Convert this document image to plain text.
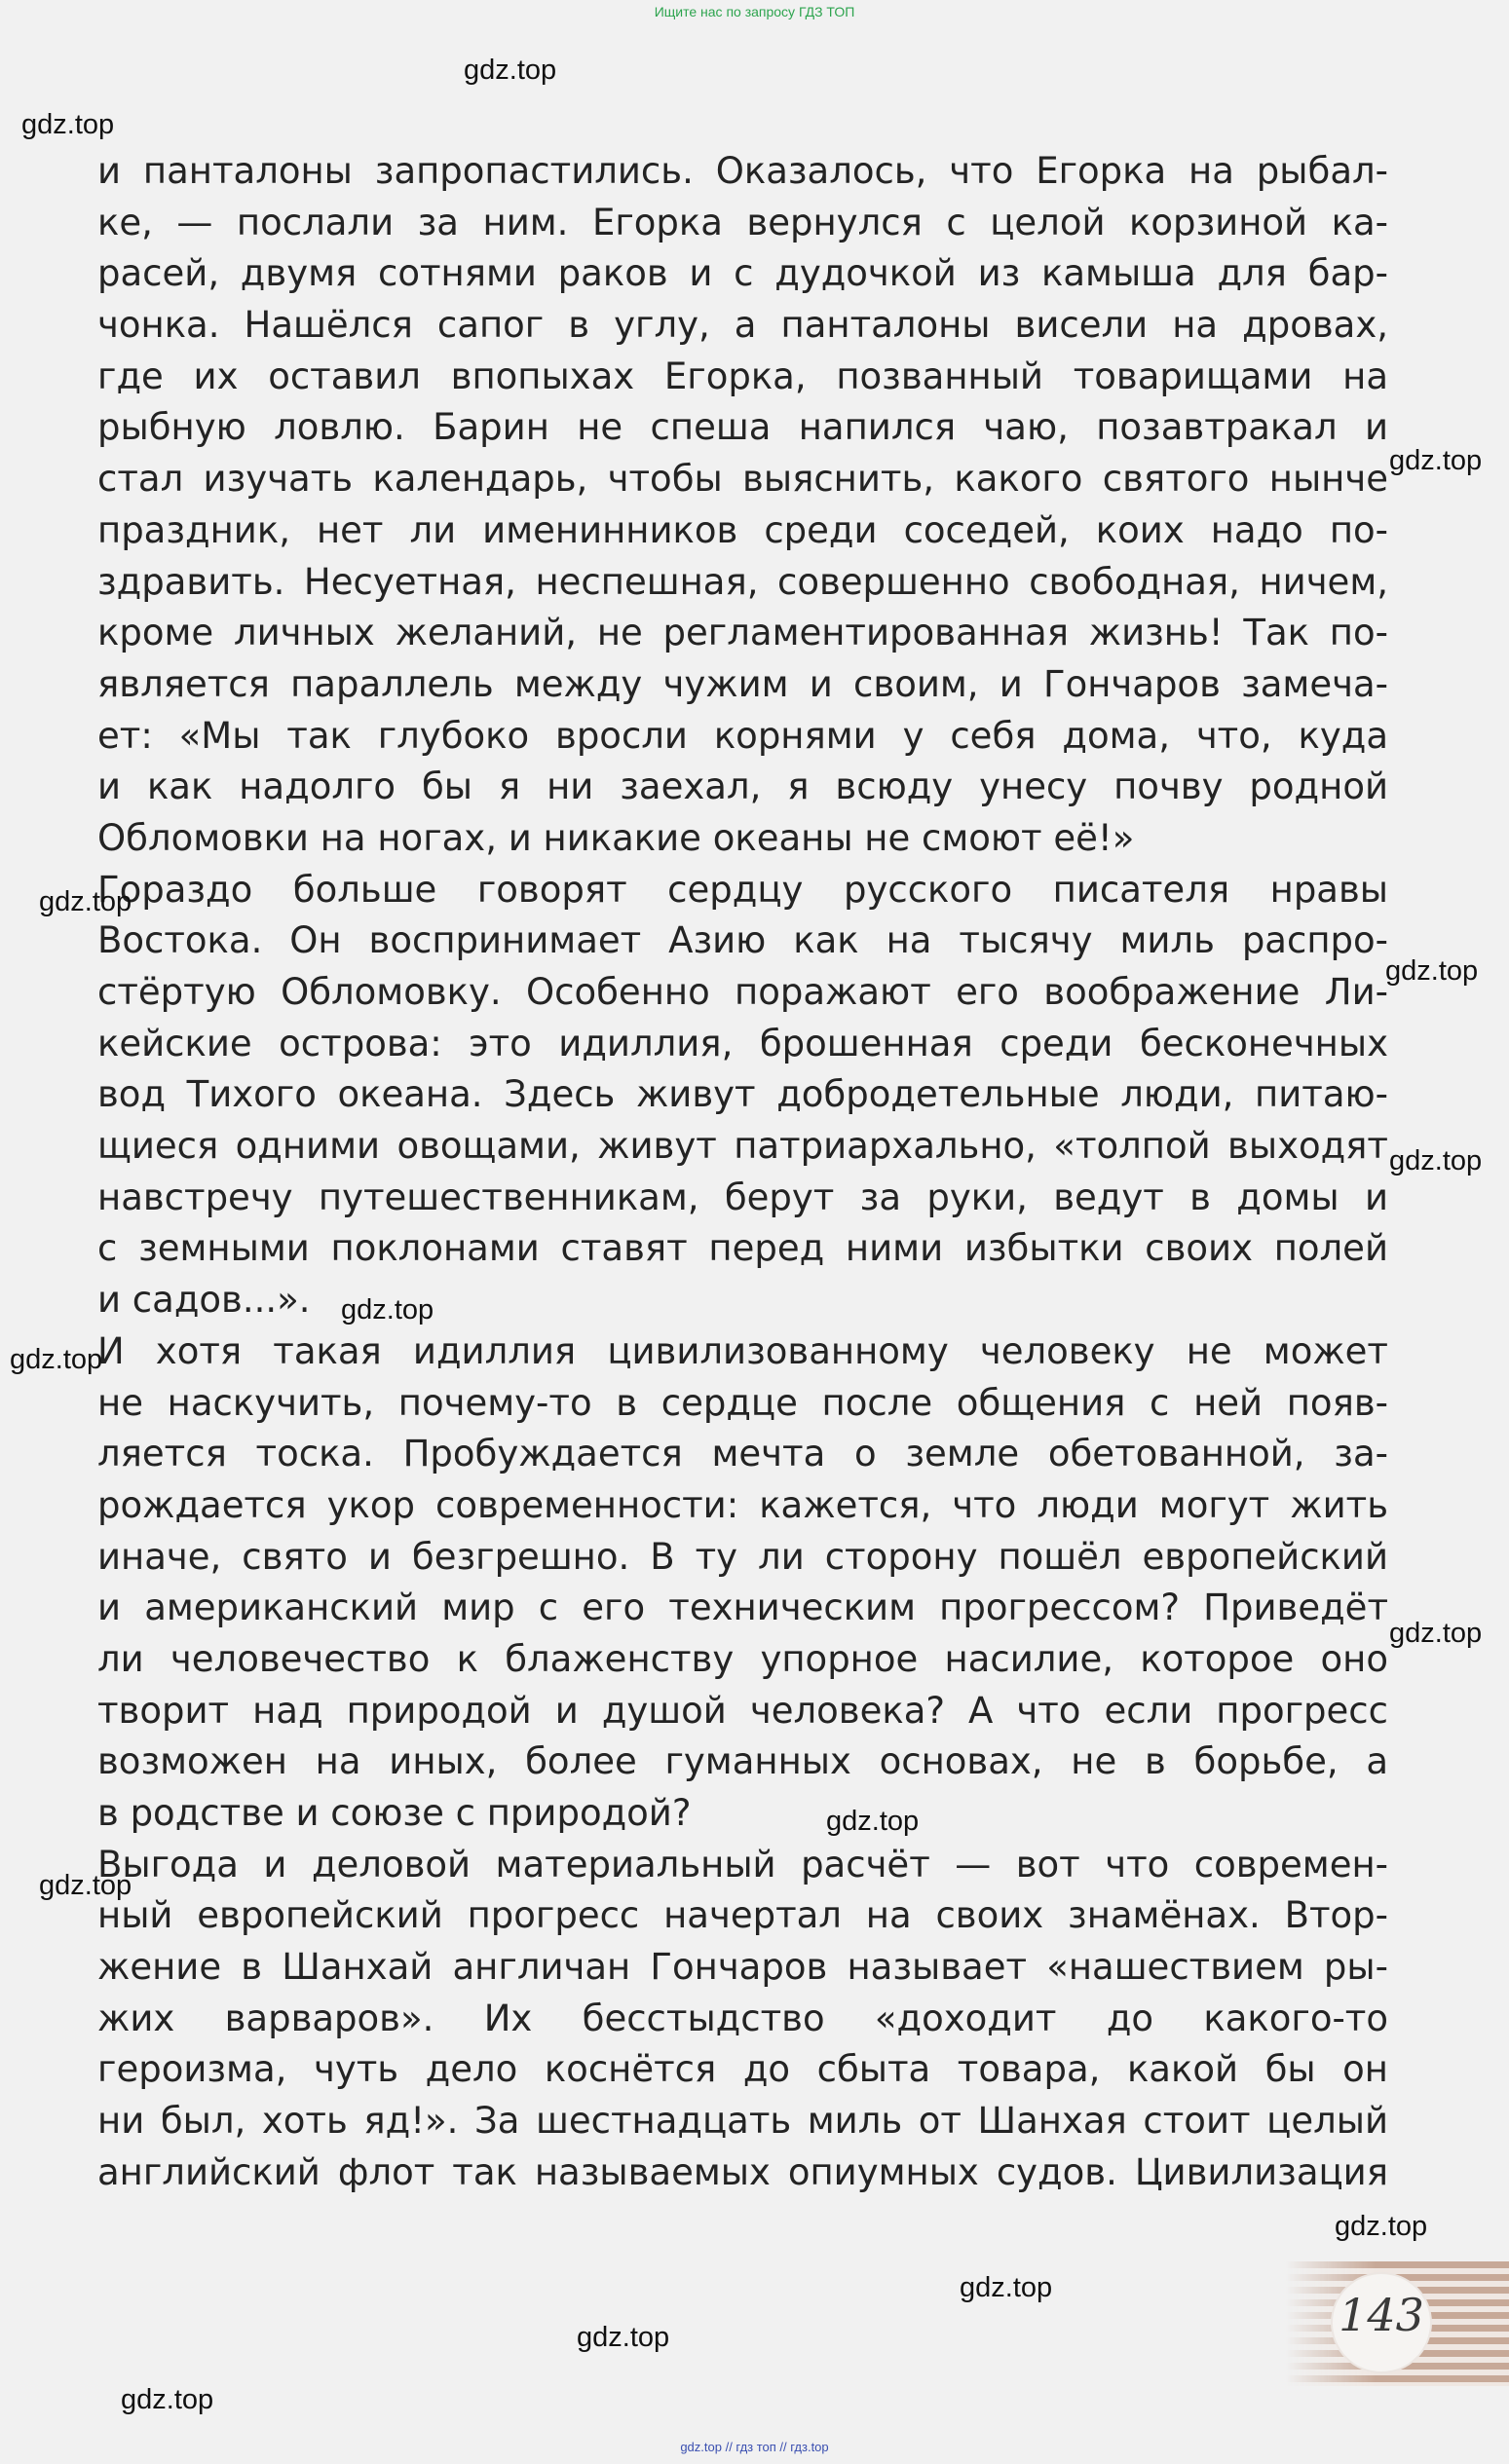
Ищите нас по запросу ГДЗ ТОП
и панталоны запропастились. Оказалось, что Егорка на рыбал-
ке, — послали за ним. Егорка вернулся с целой корзиной ка-
расей, двумя сотнями раков и с дудочкой из камыша для бар-
чонка. Нашёлся сапог в углу, а панталоны висели на дровах,
где их оставил впопыхах Егорка, позванный товарищами на
рыбную ловлю. Барин не спеша напился чаю, позавтракал и
стал изучать календарь, чтобы выяснить, какого святого нынче
праздник, нет ли именинников среди соседей, коих надо по-
здравить. Несуетная, неспешная, совершенно свободная, ничем,
кроме личных желаний, не регламентированная жизнь! Так по-
является параллель между чужим и своим, и Гончаров замеча-
ет: «Мы так глубоко вросли корнями у себя дома, что, куда
и как надолго бы я ни заехал, я всюду унесу почву родной
Обломовки на ногах, и никакие океаны не смоют её!»
Гораздо больше говорят сердцу русского писателя нравы
Востока. Он воспринимает Азию как на тысячу миль распро-
стёртую Обломовку. Особенно поражают его воображение Ли-
кейские острова: это идиллия, брошенная среди бесконечных
вод Тихого океана. Здесь живут добродетельные люди, питаю-
щиеся одними овощами, живут патриархально, «толпой выходят
навстречу путешественникам, берут за руки, ведут в домы и
с земными поклонами ставят перед ними избытки своих полей
и садов...».
И хотя такая идиллия цивилизованному человеку не может
не наскучить, почему-то в сердце после общения с ней появ-
ляется тоска. Пробуждается мечта о земле обетованной, за-
рождается укор современности: кажется, что люди могут жить
иначе, свято и безгрешно. В ту ли сторону пошёл европейский
и американский мир с его техническим прогрессом? Приведёт
ли человечество к блаженству упорное насилие, которое оно
творит над природой и душой человека? А что если прогресс
возможен на иных, более гуманных основах, не в борьбе, а
в родстве и союзе с природой?
Выгода и деловой материальный расчёт — вот что современ-
ный европейский прогресс начертал на своих знамёнах. Втор-
жение в Шанхай англичан Гончаров называет «нашествием ры-
жих варваров». Их бесстыдство «доходит до какого-то
героизма, чуть дело коснётся до сбыта товара, какой бы он
ни был, хоть яд!». За шестнадцать миль от Шанхая стоит целый
английский флот так называемых опиумных судов. Цивилизация
gdz.top
gdz.top
gdz.top
gdz.top
gdz.top
gdz.top
gdz.top
gdz.top
gdz.top
gdz.top
gdz.top
gdz.top
gdz.top
gdz.top
gdz.top
143
gdz.top // гдз топ // гдз.top
